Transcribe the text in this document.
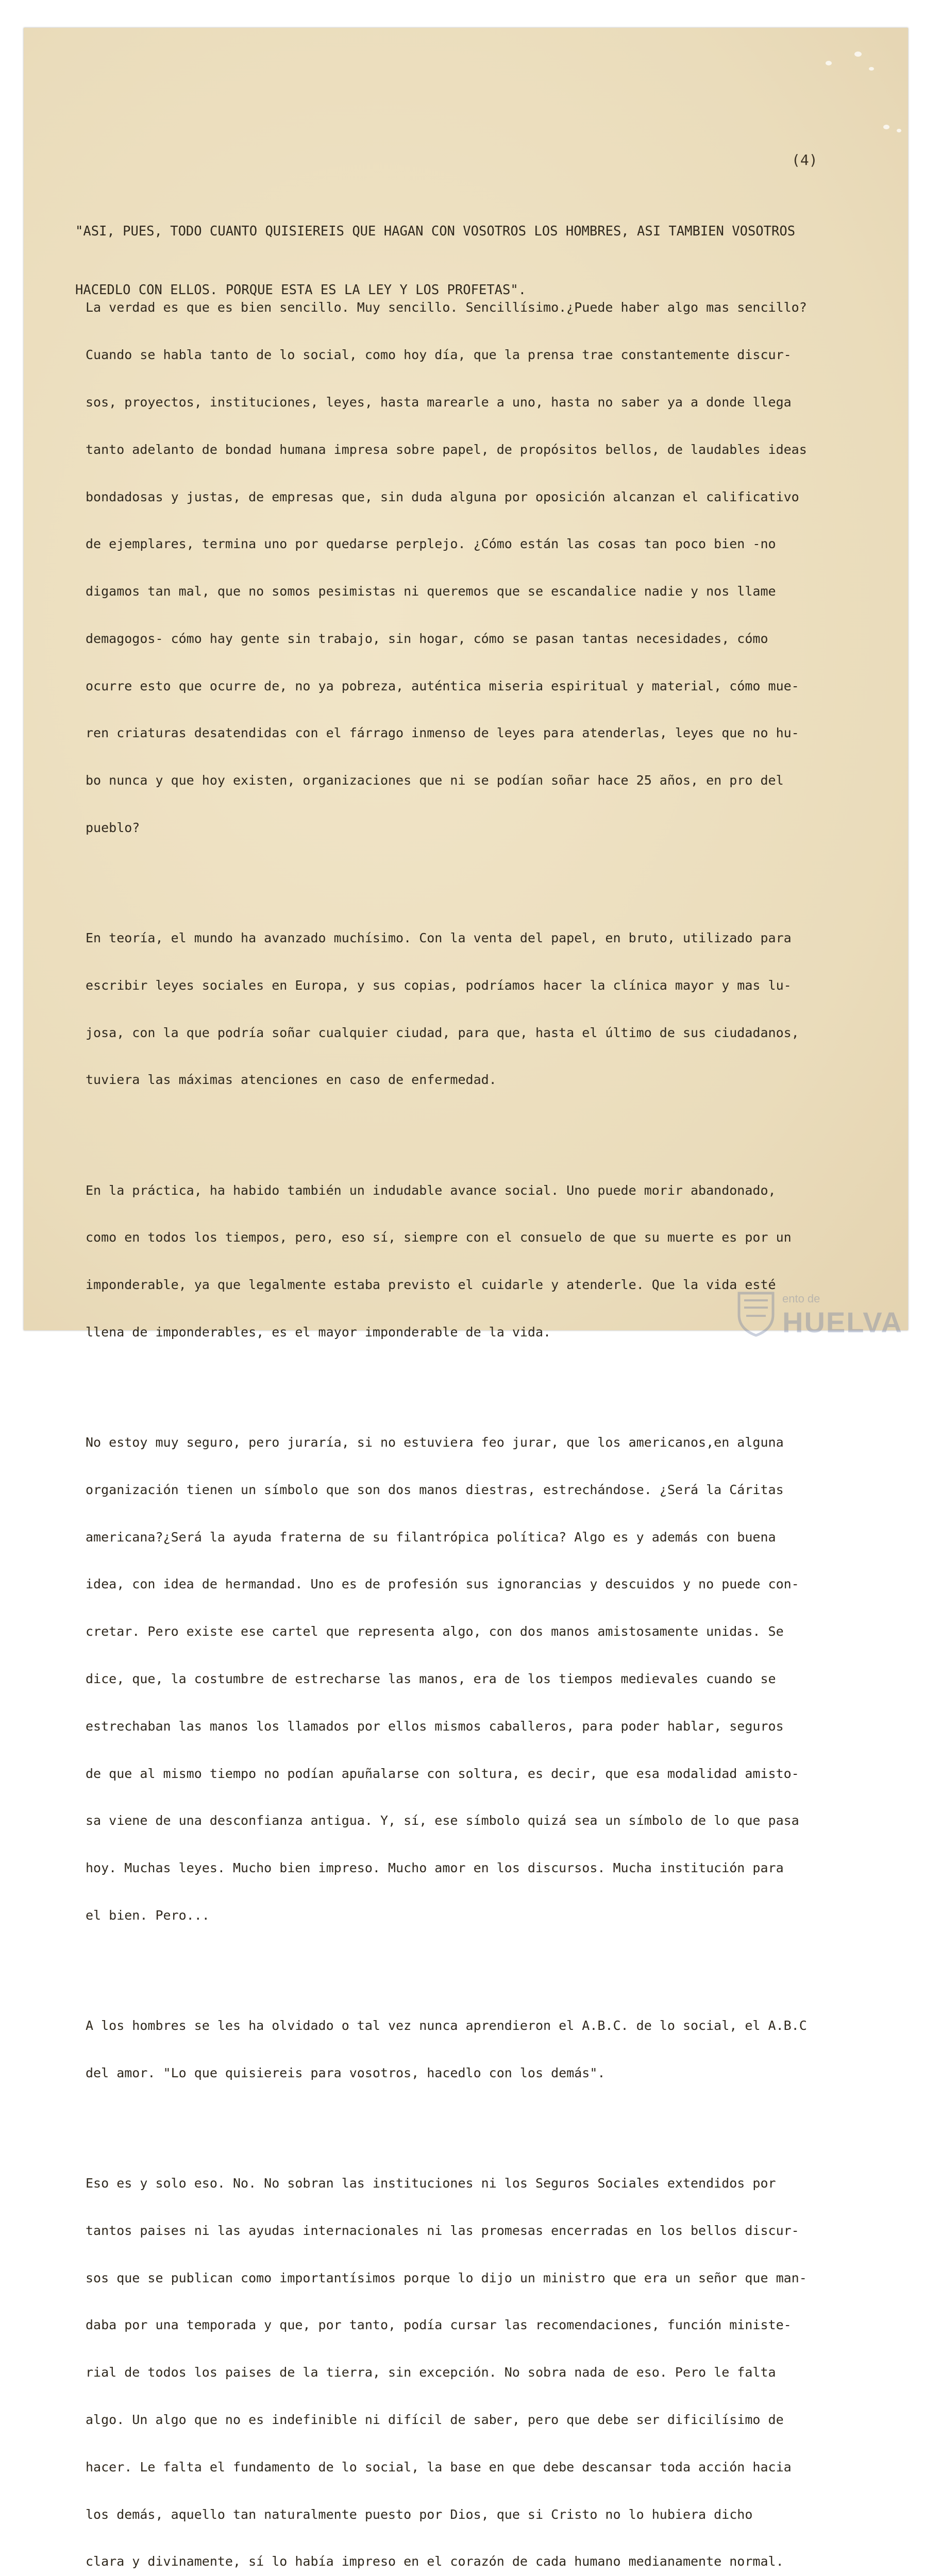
(4)

"ASI, PUES, TODO CUANTO QUISIEREIS QUE HAGAN CON VOSOTROS LOS HOMBRES, ASI TAMBIEN VOSOTROS

HACEDLO CON ELLOS. PORQUE ESTA ES LA LEY Y LOS PROFETAS".

La verdad es que es bien sencillo. Muy sencillo. Sencillísimo.¿Puede haber algo mas sencillo?

Cuando se habla tanto de lo social, como hoy día, que la prensa trae constantemente discur-

sos, proyectos, instituciones, leyes, hasta marearle a uno, hasta no saber ya a donde llega

tanto adelanto de bondad humana impresa sobre papel, de propósitos bellos, de laudables ideas

bondadosas y justas, de empresas que, sin duda alguna por oposición alcanzan el calificativo

de ejemplares, termina uno por quedarse perplejo. ¿Cómo están las cosas tan poco bien -no

digamos tan mal, que no somos pesimistas ni queremos que se escandalice nadie y nos llame

demagogos- cómo hay gente sin trabajo, sin hogar, cómo se pasan tantas necesidades, cómo

ocurre esto que ocurre de, no ya pobreza, auténtica miseria espiritual y material, cómo mue-

ren criaturas desatendidas con el fárrago inmenso de leyes para atenderlas, leyes que no hu-

bo nunca y que hoy existen, organizaciones que ni se podían soñar hace 25 años, en pro del

pueblo?

En teoría, el mundo ha avanzado muchísimo. Con la venta del papel, en bruto, utilizado para

escribir leyes sociales en Europa, y sus copias, podríamos hacer la clínica mayor y mas lu-

josa, con la que podría soñar cualquier ciudad, para que, hasta el último de sus ciudadanos,

tuviera las máximas atenciones en caso de enfermedad.

En la práctica, ha habido también un indudable avance social. Uno puede morir abandonado,

como en todos los tiempos, pero, eso sí, siempre con el consuelo de que su muerte es por un

imponderable, ya que legalmente estaba previsto el cuidarle y atenderle. Que la vida esté

llena de imponderables, es el mayor imponderable de la vida.

No estoy muy seguro, pero juraría, si no estuviera feo jurar, que los americanos,en alguna

organización tienen un símbolo que son dos manos diestras, estrechándose. ¿Será la Cáritas

americana?¿Será la ayuda fraterna de su filantrópica política? Algo es y además con buena

idea, con idea de hermandad. Uno es de profesión sus ignorancias y descuidos y no puede con-

cretar. Pero existe ese cartel que representa algo, con dos manos amistosamente unidas. Se

dice, que, la costumbre de estrecharse las manos, era de los tiempos medievales cuando se

estrechaban las manos los llamados por ellos mismos caballeros, para poder hablar, seguros

de que al mismo tiempo no podían apuñalarse con soltura, es decir, que esa modalidad amisto-

sa viene de una desconfianza antigua. Y, sí, ese símbolo quizá sea un símbolo de lo que pasa

hoy. Muchas leyes. Mucho bien impreso. Mucho amor en los discursos. Mucha institución para

el bien. Pero...

A los hombres se les ha olvidado o tal vez nunca aprendieron el A.B.C. de lo social, el A.B.C

del amor. "Lo que quisiereis para vosotros, hacedlo con los demás".

Eso es y solo eso. No. No sobran las instituciones ni los Seguros Sociales extendidos por

tantos paises ni las ayudas internacionales ni las promesas encerradas en los bellos discur-

sos que se publican como importantísimos porque lo dijo un ministro que era un señor que man-

daba por una temporada y que, por tanto, podía cursar las recomendaciones, función ministe-

rial de todos los paises de la tierra, sin excepción. No sobra nada de eso. Pero le falta

algo. Un algo que no es indefinible ni difícil de saber, pero que debe ser dificilísimo de

hacer. Le falta el fundamento de lo social, la base en que debe descansar toda acción hacia

los demás, aquello tan naturalmente puesto por Dios, que si Cristo no lo hubiera dicho

clara y divinamente, sí lo había impreso en el corazón de cada humano medianamente normal.

ento de

HUELVA
